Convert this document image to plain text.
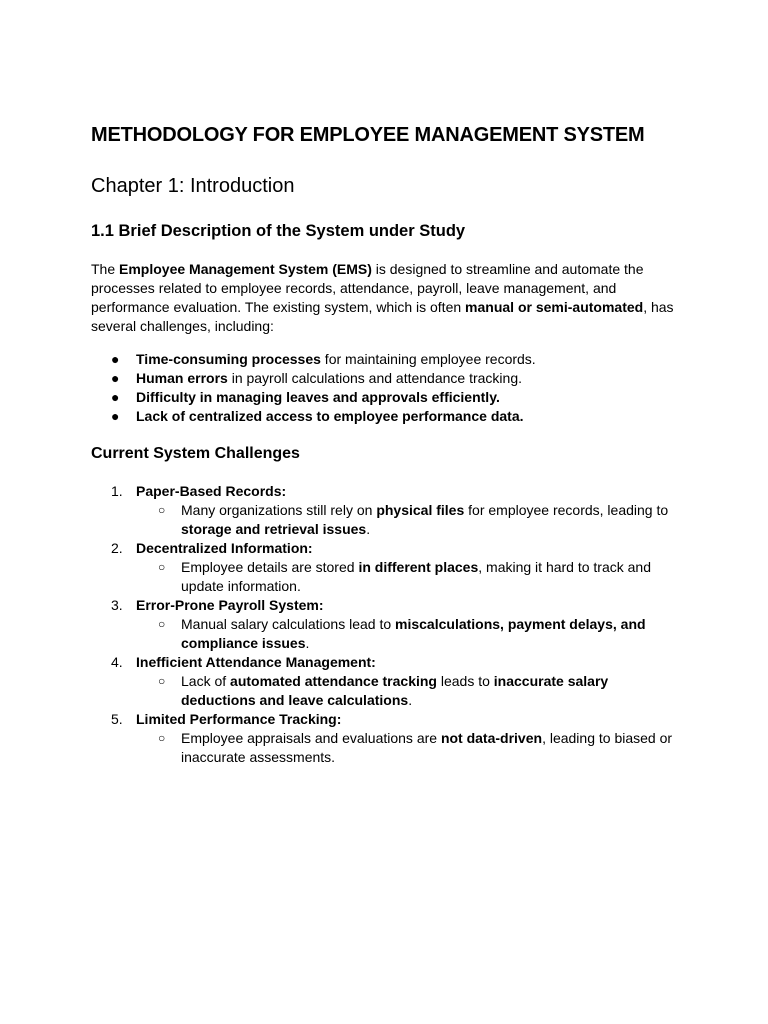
METHODOLOGY FOR EMPLOYEE MANAGEMENT SYSTEM
Chapter 1: Introduction
1.1 Brief Description of the System under Study

The Employee Management System (EMS) is designed to streamline and automate the processes related to employee records, attendance, payroll, leave management, and performance evaluation. The existing system, which is often manual or semi-automated, has several challenges, including:

● Time-consuming processes for maintaining employee records.
● Human errors in payroll calculations and attendance tracking.
● Difficulty in managing leaves and approvals efficiently.
● Lack of centralized access to employee performance data.
Current System Challenges
1. Paper-Based Records:
○ Many organizations still rely on physical files for employee records, leading to storage and retrieval issues.
2. Decentralized Information:
○ Employee details are stored in different places, making it hard to track and update information.
3. Error-Prone Payroll System:
○ Manual salary calculations lead to miscalculations, payment delays, and compliance issues.
4. Inefficient Attendance Management:
○ Lack of automated attendance tracking leads to inaccurate salary deductions and leave calculations.
5. Limited Performance Tracking:
○ Employee appraisals and evaluations are not data-driven, leading to biased or inaccurate assessments.
